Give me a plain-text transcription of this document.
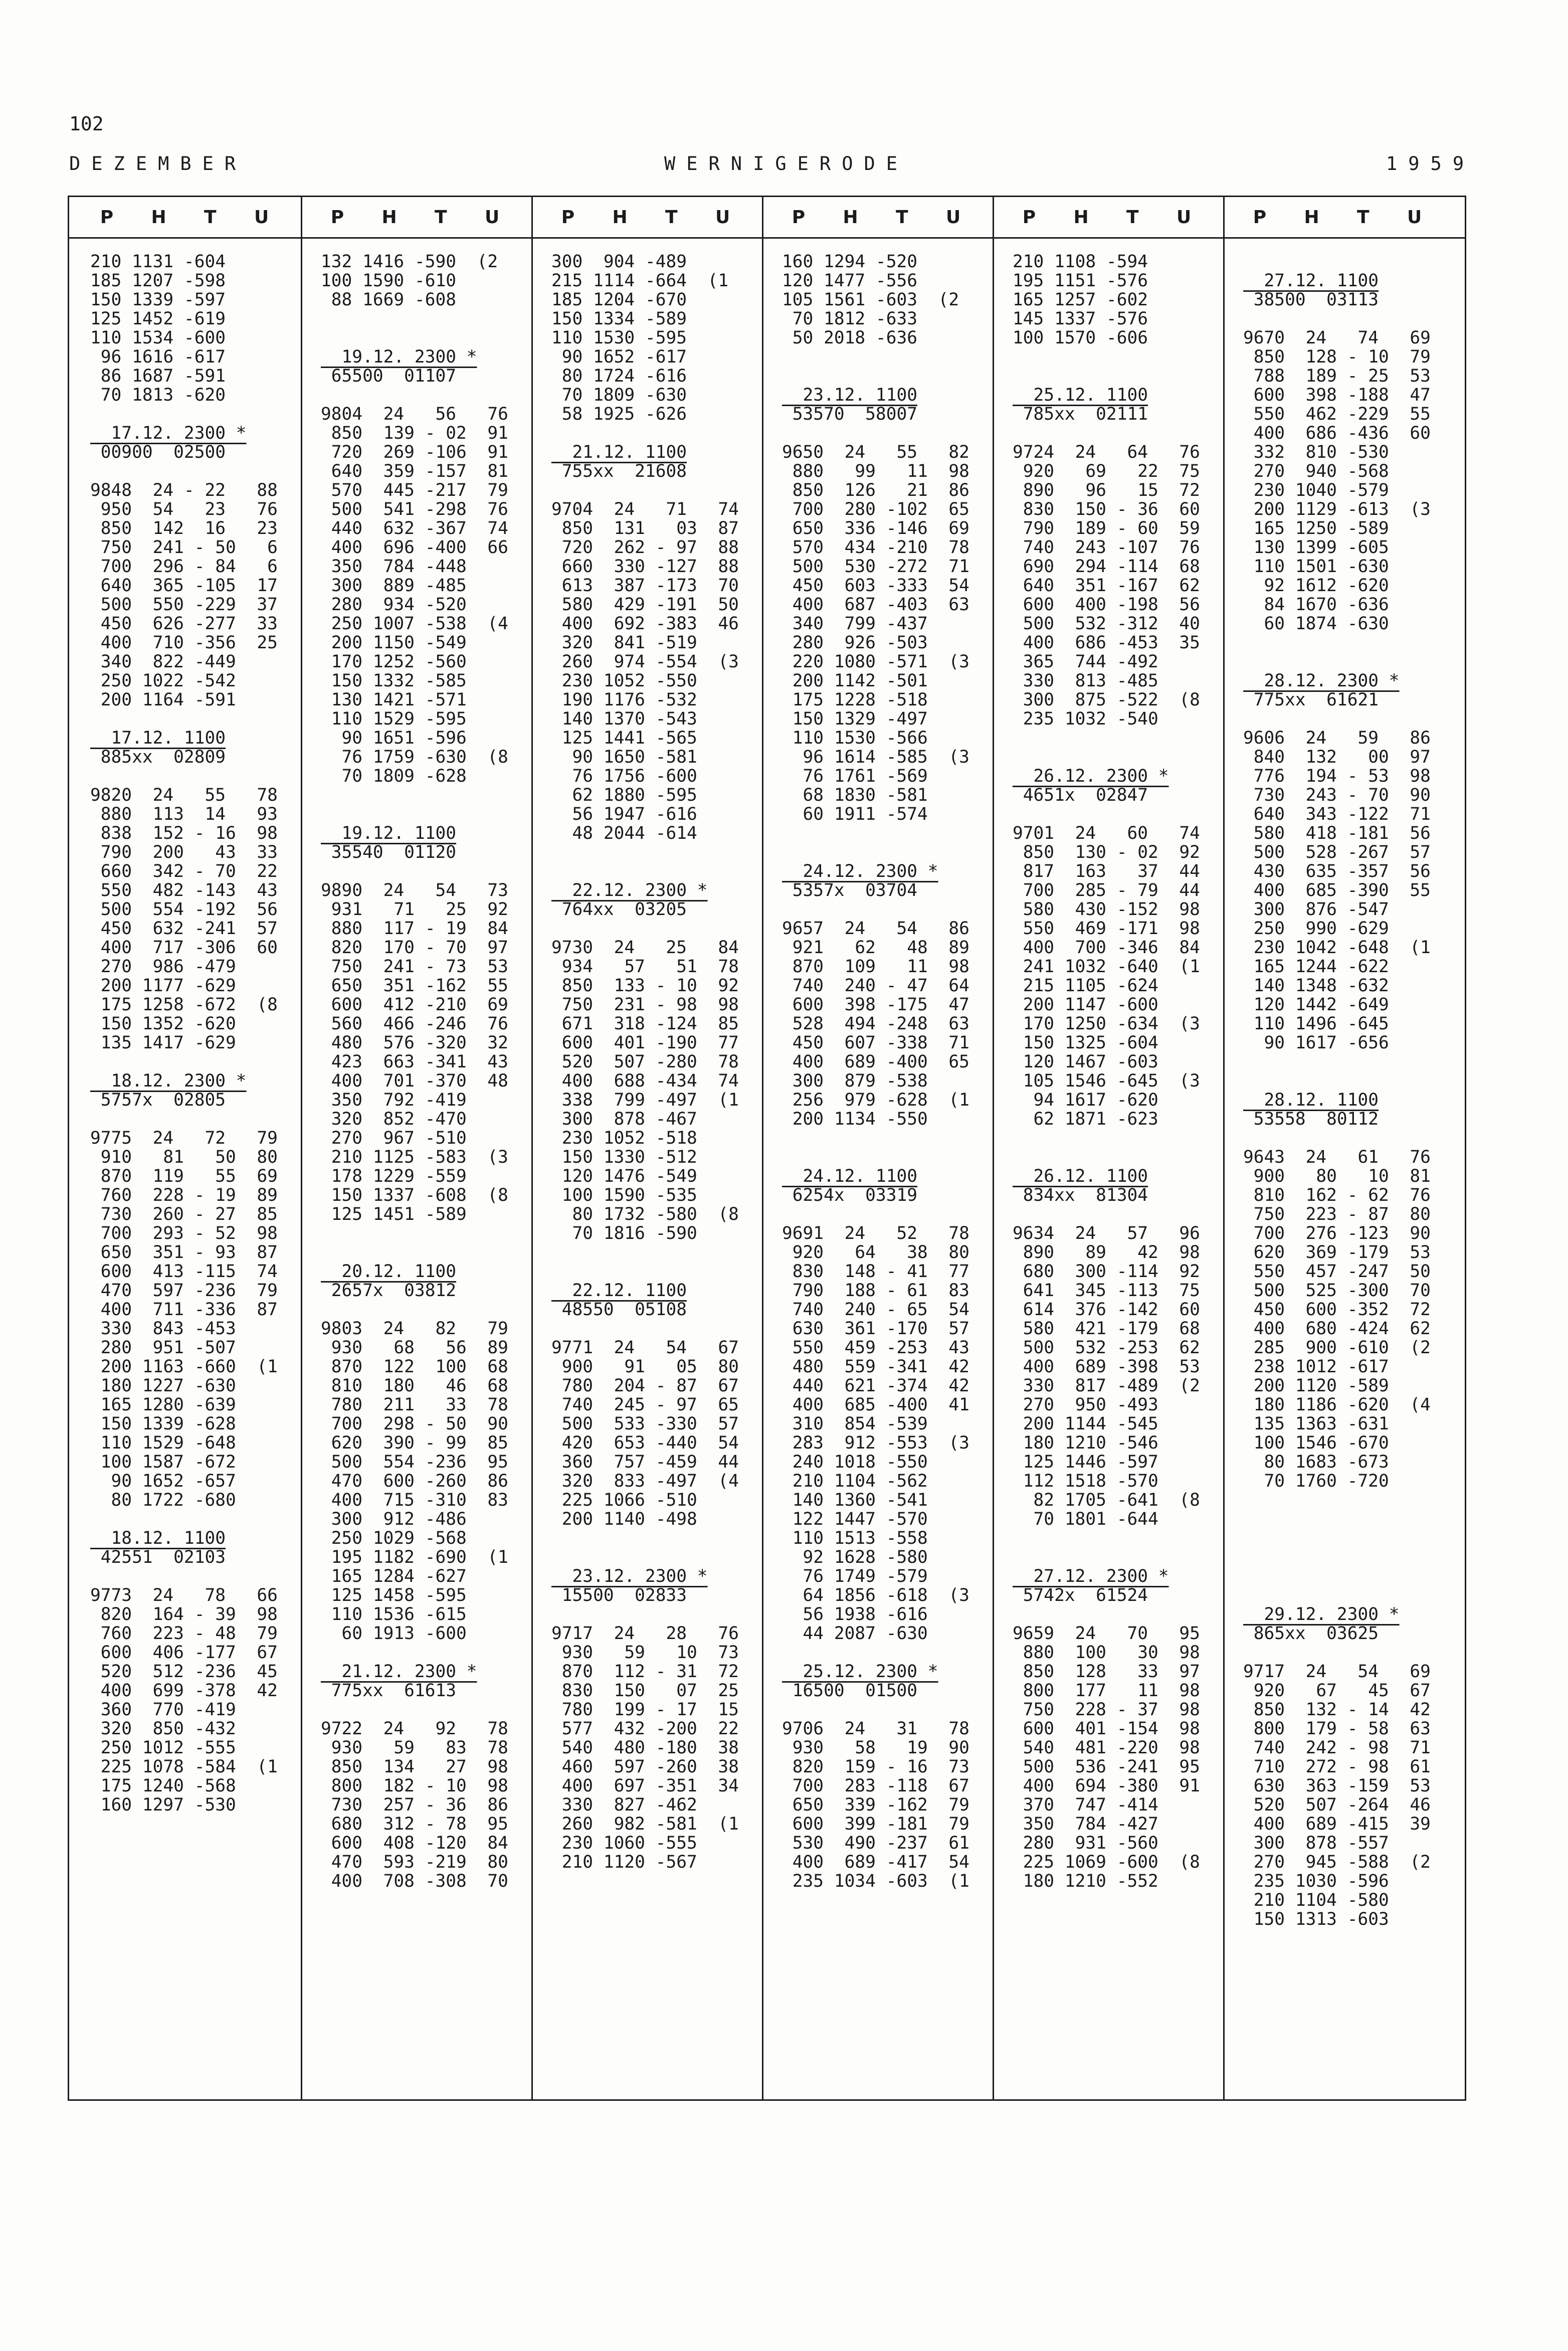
102
DEZEMBER	WERNIGERODE	1959
210 1131 -604
185 1207 -598
150 1339 -597
125 1452 -619
110 1534 -600
96 1616 -617
86 1687 -591
70 1813 -620
17.12. 2300 *
00900  02500
9848  24 - 22   88
950  54   23   76
850  142  16   23
750  241 - 50   6
700  296 - 84   6
640  365 -105  17
500  550 -229  37
450  626 -277  33
400  710 -356  25
340  822 -449
250 1022 -542
200 1164 -591
17.12. 1100
885xx  02809
9820  24   55   78
880  113  14   93
838  152 - 16  98
790  200   43  33
660  342 - 70  22
550  482 -143  43
500  554 -192  56
450  632 -241  57
400  717 -306  60
270  986 -479
200 1177 -629
175 1258 -672  (8
150 1352 -620
135 1417 -629
18.12. 2300 *
5757x  02805
9775  24   72   79
910   81   50  80
870  119   55  69
760  228 - 19  89
730  260 - 27  85
700  293 - 52  98
650  351 - 93  87
600  413 -115  74
470  597 -236  79
400  711 -336  87
330  843 -453
280  951 -507
200 1163 -660  (1
180 1227 -630
165 1280 -639
150 1339 -628
110 1529 -648
100 1587 -672
90 1652 -657
80 1722 -680
18.12. 1100
42551  02103
9773  24   78   66
820  164 - 39  98
760  223 - 48  79
600  406 -177  67
520  512 -236  45
400  699 -378  42
360  770 -419
320  850 -432
250 1012 -555
225 1078 -584  (1
175 1240 -568
160 1297 -530
132 1416 -590  (2
100 1590 -610
88 1669 -608
19.12. 2300 *
65500  01107
9804  24   56   76
850  139 - 02  91
720  269 -106  91
640  359 -157  81
570  445 -217  79
500  541 -298  76
440  632 -367  74
400  696 -400  66
350  784 -448
300  889 -485
280  934 -520
250 1007 -538  (4
200 1150 -549
170 1252 -560
150 1332 -585
130 1421 -571
110 1529 -595
90 1651 -596
76 1759 -630  (8
70 1809 -628
19.12. 1100
35540  01120
9890  24   54   73
931   71   25  92
880  117 - 19  84
820  170 - 70  97
750  241 - 73  53
650  351 -162  55
600  412 -210  69
560  466 -246  76
480  576 -320  32
423  663 -341  43
400  701 -370  48
350  792 -419
320  852 -470
270  967 -510
210 1125 -583  (3
178 1229 -559
150 1337 -608  (8
125 1451 -589
20.12. 1100
2657x  03812
9803  24   82   79
930   68   56  89
870  122  100  68
810  180   46  68
780  211   33  78
700  298 - 50  90
620  390 - 99  85
500  554 -236  95
470  600 -260  86
400  715 -310  83
300  912 -486
250 1029 -568
195 1182 -690  (1
165 1284 -627
125 1458 -595
110 1536 -615
60 1913 -600
21.12. 2300 *
775xx  61613
9722  24   92   78
930   59   83  78
850  134   27  98
800  182 - 10  98
730  257 - 36  86
680  312 - 78  95
600  408 -120  84
470  593 -219  80
400  708 -308  70
300  904 -489
215 1114 -664  (1
185 1204 -670
150 1334 -589
110 1530 -595
90 1652 -617
80 1724 -616
70 1809 -630
58 1925 -626
21.12. 1100
755xx  21608
9704  24   71   74
850  131   03  87
720  262 - 97  88
660  330 -127  88
613  387 -173  70
580  429 -191  50
400  692 -383  46
320  841 -519
260  974 -554  (3
230 1052 -550
190 1176 -532
140 1370 -543
125 1441 -565
90 1650 -581
76 1756 -600
62 1880 -595
56 1947 -616
48 2044 -614
22.12. 2300 *
764xx  03205
9730  24   25   84
934   57   51  78
850  133 - 10  92
750  231 - 98  98
671  318 -124  85
600  401 -190  77
520  507 -280  78
400  688 -434  74
338  799 -497  (1
300  878 -467
230 1052 -518
150 1330 -512
120 1476 -549
100 1590 -535
80 1732 -580  (8
70 1816 -590
22.12. 1100
48550  05108
9771  24   54   67
900   91   05  80
780  204 - 87  67
740  245 - 97  65
500  533 -330  57
420  653 -440  54
360  757 -459  44
320  833 -497  (4
225 1066 -510
200 1140 -498
23.12. 2300 *
15500  02833
9717  24   28   76
930   59   10  73
870  112 - 31  72
830  150   07  25
780  199 - 17  15
577  432 -200  22
540  480 -180  38
460  597 -260  38
400  697 -351  34
330  827 -462
260  982 -581  (1
230 1060 -555
210 1120 -567
160 1294 -520
120 1477 -556
105 1561 -603  (2
70 1812 -633
50 2018 -636
23.12. 1100
53570  58007
9650  24   55   82
880   99   11  98
850  126   21  86
700  280 -102  65
650  336 -146  69
570  434 -210  78
500  530 -272  71
450  603 -333  54
400  687 -403  63
340  799 -437
280  926 -503
220 1080 -571  (3
200 1142 -501
175 1228 -518
150 1329 -497
110 1530 -566
96 1614 -585  (3
76 1761 -569
68 1830 -581
60 1911 -574
24.12. 2300 *
5357x  03704
9657  24   54   86
921   62   48  89
870  109   11  98
740  240 - 47  64
600  398 -175  47
528  494 -248  63
450  607 -338  71
400  689 -400  65
300  879 -538
256  979 -628  (1
200 1134 -550
24.12. 1100
6254x  03319
9691  24   52   78
920   64   38  80
830  148 - 41  77
790  188 - 61  83
740  240 - 65  54
630  361 -170  57
550  459 -253  43
480  559 -341  42
440  621 -374  42
400  685 -400  41
310  854 -539
283  912 -553  (3
240 1018 -550
210 1104 -562
140 1360 -541
122 1447 -570
110 1513 -558
92 1628 -580
76 1749 -579
64 1856 -618  (3
56 1938 -616
44 2087 -630
25.12. 2300 *
16500  01500
9706  24   31   78
930   58   19  90
820  159 - 16  73
700  283 -118  67
650  339 -162  79
600  399 -181  79
530  490 -237  61
400  689 -417  54
235 1034 -603  (1
210 1108 -594
195 1151 -576
165 1257 -602
145 1337 -576
100 1570 -606
25.12. 1100
785xx  02111
9724  24   64   76
920   69   22  75
890   96   15  72
830  150 - 36  60
790  189 - 60  59
740  243 -107  76
690  294 -114  68
640  351 -167  62
600  400 -198  56
500  532 -312  40
400  686 -453  35
365  744 -492
330  813 -485
300  875 -522  (8
235 1032 -540
26.12. 2300 *
4651x  02847
9701  24   60   74
850  130 - 02  92
817  163   37  44
700  285 - 79  44
580  430 -152  98
550  469 -171  98
400  700 -346  84
241 1032 -640  (1
215 1105 -624
200 1147 -600
170 1250 -634  (3
150 1325 -604
120 1467 -603
105 1546 -645  (3
94 1617 -620
62 1871 -623
26.12. 1100
834xx  81304
9634  24   57   96
890   89   42  98
680  300 -114  92
641  345 -113  75
614  376 -142  60
580  421 -179  68
500  532 -253  62
400  689 -398  53
330  817 -489  (2
270  950 -493
200 1144 -545
180 1210 -546
125 1446 -597
112 1518 -570
82 1705 -641  (8
70 1801 -644
27.12. 2300 *
5742x  61524
9659  24   70   95
880  100   30  98
850  128   33  97
800  177   11  98
750  228 - 37  98
600  401 -154  98
540  481 -220  98
500  536 -241  95
400  694 -380  91
370  747 -414
350  784 -427
280  931 -560
225 1069 -600  (8
180 1210 -552
27.12. 1100
38500  03113
9670  24   74   69
850  128 - 10  79
788  189 - 25  53
600  398 -188  47
550  462 -229  55
400  686 -436  60
332  810 -530
270  940 -568
230 1040 -579
200 1129 -613  (3
165 1250 -589
130 1399 -605
110 1501 -630
92 1612 -620
84 1670 -636
60 1874 -630
28.12. 2300 *
775xx  61621
9606  24   59   86
840  132   00  97
776  194 - 53  98
730  243 - 70  90
640  343 -122  71
580  418 -181  56
500  528 -267  57
430  635 -357  56
400  685 -390  55
300  876 -547
250  990 -629
230 1042 -648  (1
165 1244 -622
140 1348 -632
120 1442 -649
110 1496 -645
90 1617 -656
28.12. 1100
53558  80112
9643  24   61   76
900   80   10  81
810  162 - 62  76
750  223 - 87  80
700  276 -123  90
620  369 -179  53
550  457 -247  50
500  525 -300  70
450  600 -352  72
400  680 -424  62
285  900 -610  (2
238 1012 -617
200 1120 -589
180 1186 -620  (4
135 1363 -631
100 1546 -670
80 1683 -673
70 1760 -720
29.12. 2300 *
865xx  03625
9717  24   54   69
920   67   45  67
850  132 - 14  42
800  179 - 58  63
740  242 - 98  71
710  272 - 98  61
630  363 -159  53
520  507 -264  46
400  689 -415  39
300  878 -557
270  945 -588  (2
235 1030 -596
210 1104 -580
150 1313 -603
P H T U	P H T U	P H T U	P H T U	P H T U	P H T U
